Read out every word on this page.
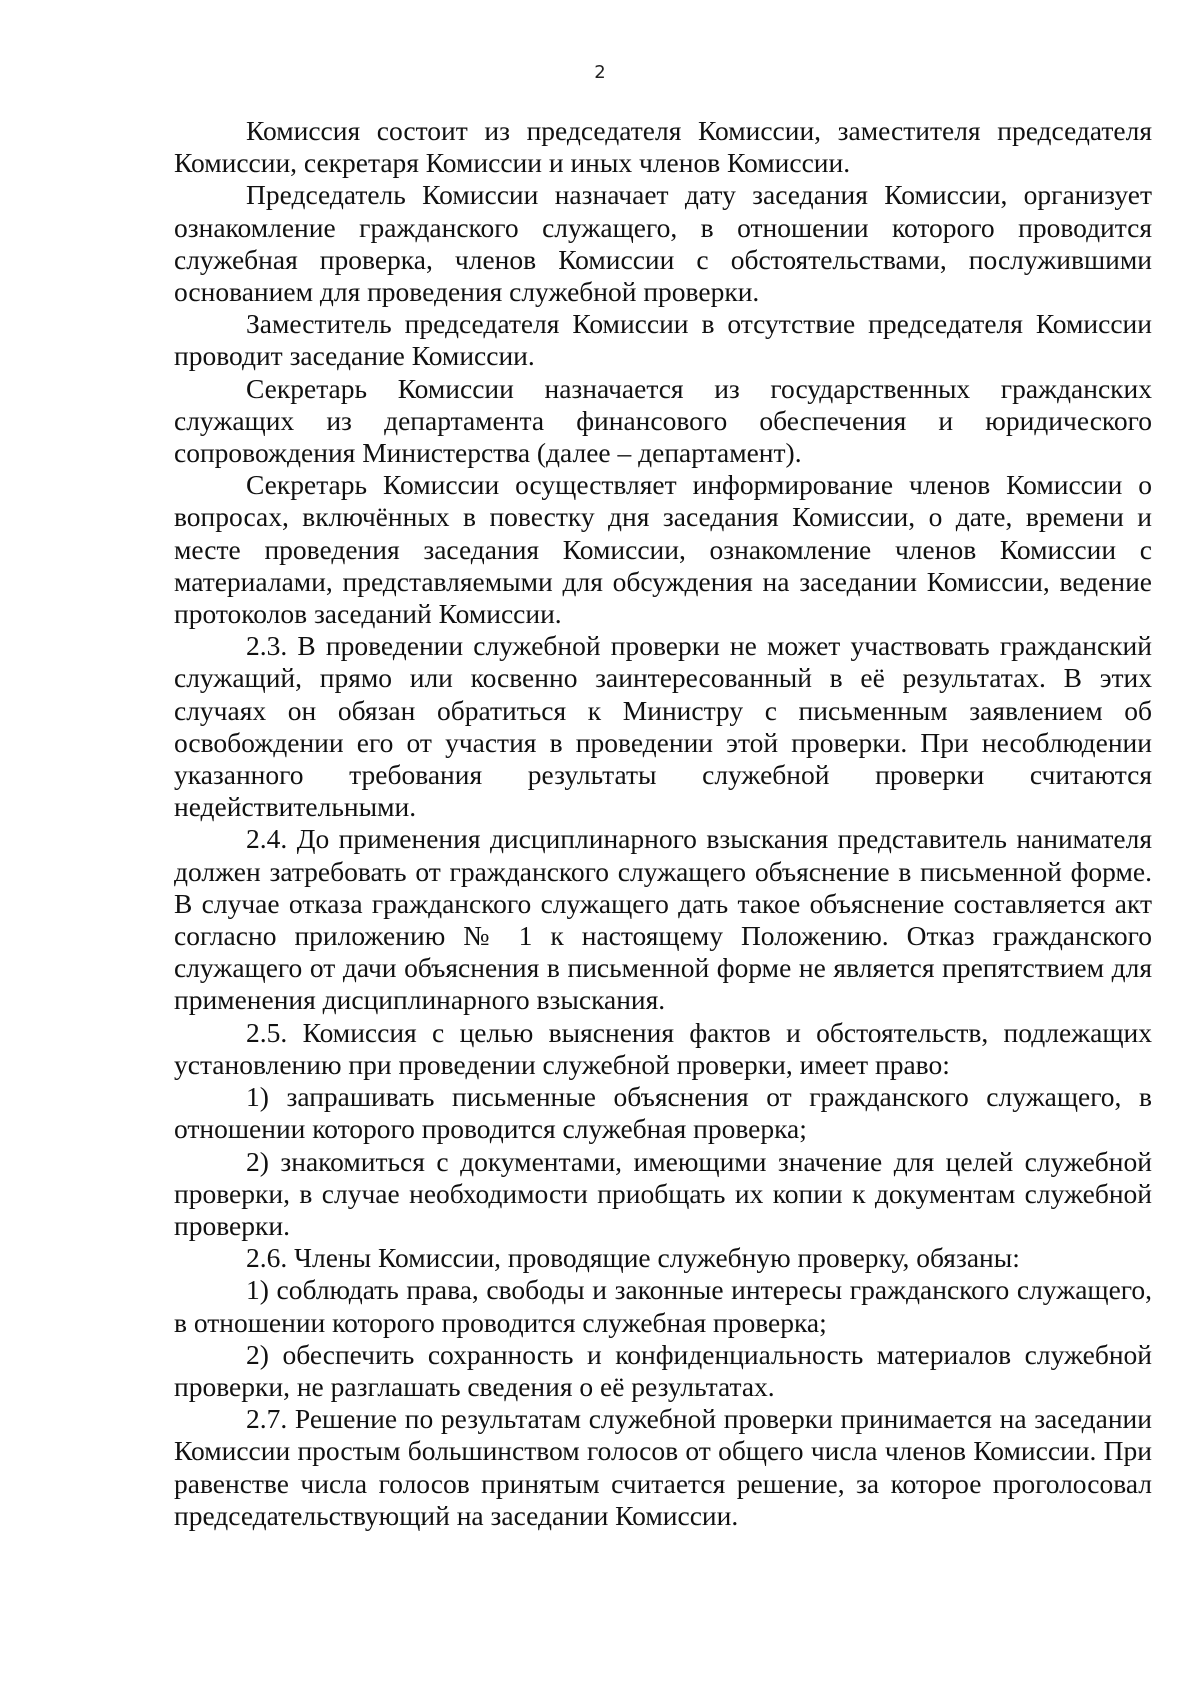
2

Комиссия состоит из председателя Комиссии, заместителя председателя Комиссии, секретаря Комиссии и иных членов Комиссии.

Председатель Комиссии назначает дату заседания Комиссии, организует ознакомление гражданского служащего, в отношении которого проводится служебная проверка, членов Комиссии с обстоятельствами, послужившими основанием для проведения служебной проверки.

Заместитель председателя Комиссии в отсутствие председателя Комиссии проводит заседание Комиссии.

Секретарь Комиссии назначается из государственных гражданских служащих из департамента финансового обеспечения и юридического сопровождения Министерства (далее – департамент).

Секретарь Комиссии осуществляет информирование членов Комиссии о вопросах, включённых в повестку дня заседания Комиссии, о дате, времени и месте проведения заседания Комиссии, ознакомление членов Комиссии с материалами, представляемыми для обсуждения на заседании Комиссии, ведение протоколов заседаний Комиссии.

2.3. В проведении служебной проверки не может участвовать гражданский служащий, прямо или косвенно заинтересованный в её результатах. В этих случаях он обязан обратиться к Министру с письменным заявлением об освобождении его от участия в проведении этой проверки. При несоблюдении указанного требования результаты служебной проверки считаются недействительными.

2.4. До применения дисциплинарного взыскания представитель нанимателя должен затребовать от гражданского служащего объяснение в письменной форме. В случае отказа гражданского служащего дать такое объяснение составляется акт согласно приложению № 1 к настоящему Положению. Отказ гражданского служащего от дачи объяснения в письменной форме не является препятствием для применения дисциплинарного взыскания.

2.5. Комиссия с целью выяснения фактов и обстоятельств, подлежащих установлению при проведении служебной проверки, имеет право:

1) запрашивать письменные объяснения от гражданского служащего, в отношении которого проводится служебная проверка;

2) знакомиться с документами, имеющими значение для целей служебной проверки, в случае необходимости приобщать их копии к документам служебной проверки.

2.6. Члены Комиссии, проводящие служебную проверку, обязаны:

1) соблюдать права, свободы и законные интересы гражданского служащего, в отношении которого проводится служебная проверка;

2) обеспечить сохранность и конфиденциальность материалов служебной проверки, не разглашать сведения о её результатах.

2.7. Решение по результатам служебной проверки принимается на заседании Комиссии простым большинством голосов от общего числа членов Комиссии. При равенстве числа голосов принятым считается решение, за которое проголосовал председательствующий на заседании Комиссии.
